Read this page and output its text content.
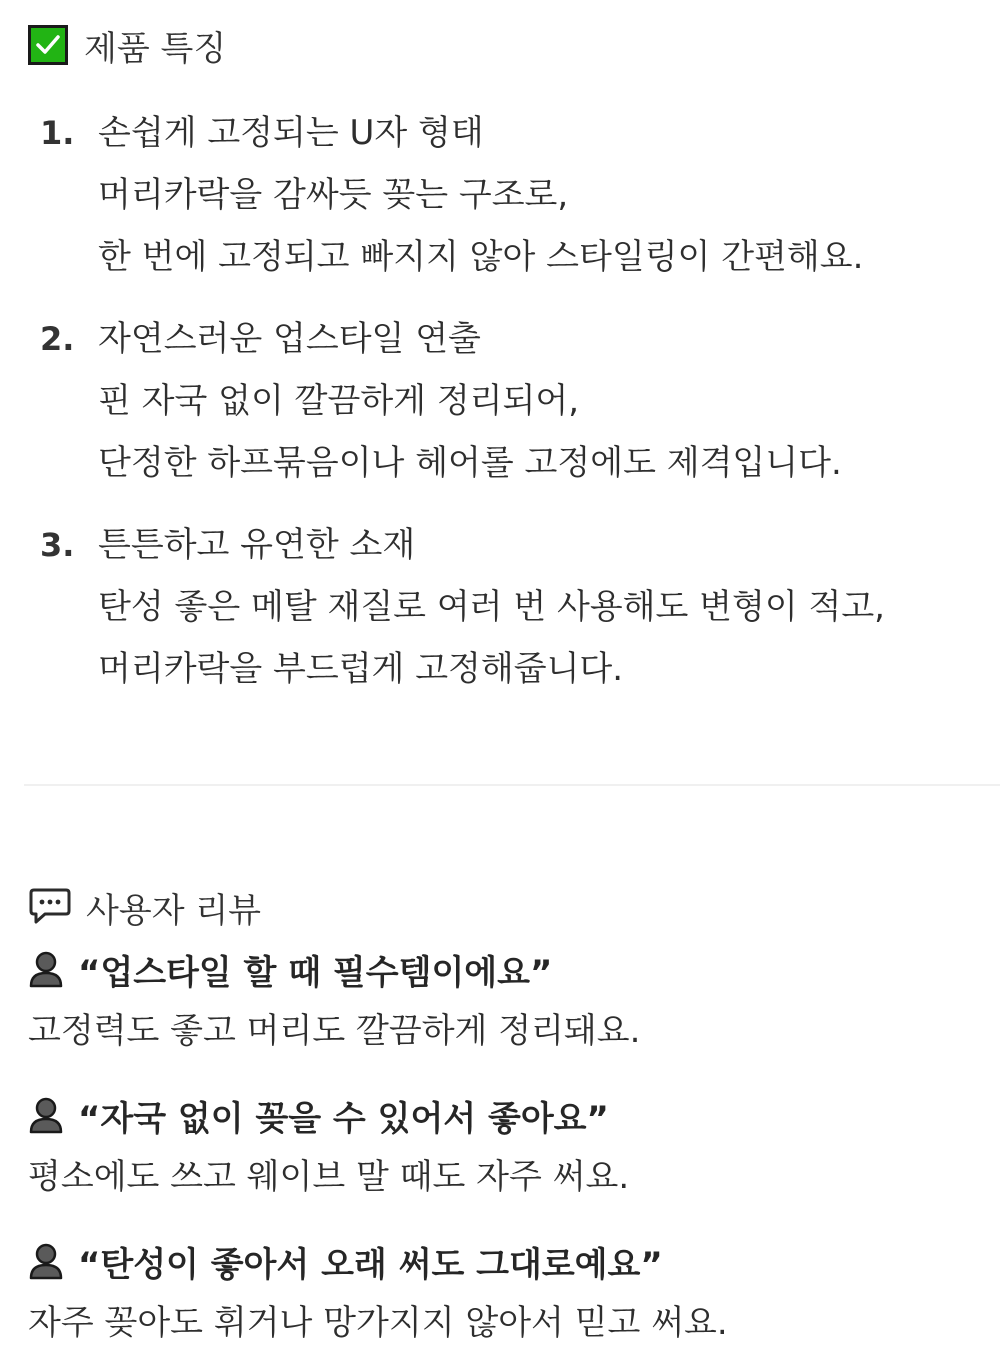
제품 특징
1. 손쉽게 고정되는 U자 형태
머리카락을 감싸듯 꽂는 구조로,
한 번에 고정되고 빠지지 않아 스타일링이 간편해요.
2. 자연스러운 업스타일 연출
핀 자국 없이 깔끔하게 정리되어,
단정한 하프묶음이나 헤어롤 고정에도 제격입니다.
3. 튼튼하고 유연한 소재
탄성 좋은 메탈 재질로 여러 번 사용해도 변형이 적고,
머리카락을 부드럽게 고정해줍니다.
사용자 리뷰
“업스타일 할 때 필수템이에요”
고정력도 좋고 머리도 깔끔하게 정리돼요.
“자국 없이 꽂을 수 있어서 좋아요”
평소에도 쓰고 웨이브 말 때도 자주 써요.
“탄성이 좋아서 오래 써도 그대로예요”
자주 꽂아도 휘거나 망가지지 않아서 믿고 써요.
